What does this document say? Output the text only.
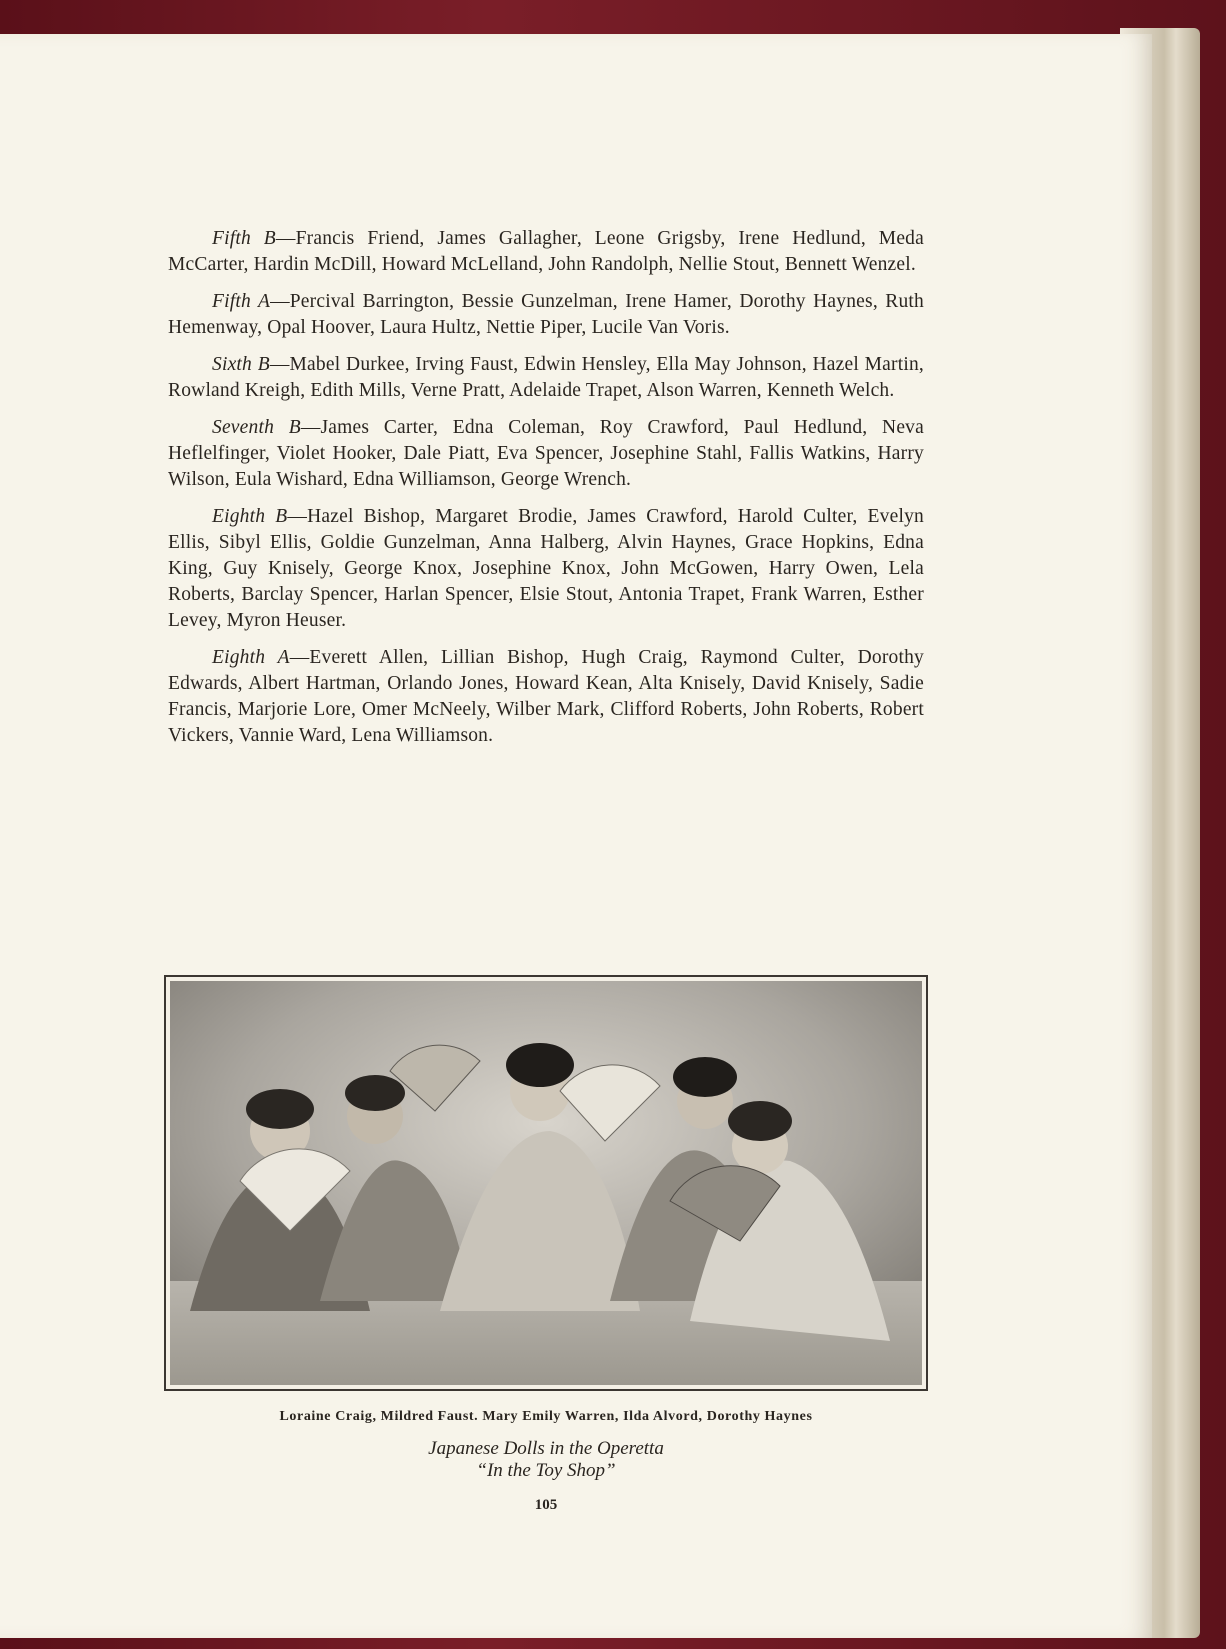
Fifth B—Francis Friend, James Gallagher, Leone Grigsby, Irene Hedlund, Meda McCarter, Hardin McDill, Howard McLelland, John Randolph, Nellie Stout, Bennett Wenzel.

Fifth A—Percival Barrington, Bessie Gunzelman, Irene Hamer, Dorothy Haynes, Ruth Hemenway, Opal Hoover, Laura Hultz, Nettie Piper, Lucile Van Voris.

Sixth B—Mabel Durkee, Irving Faust, Edwin Hensley, Ella May Johnson, Hazel Martin, Rowland Kreigh, Edith Mills, Verne Pratt, Adelaide Trapet, Alson Warren, Kenneth Welch.

Seventh B—James Carter, Edna Coleman, Roy Crawford, Paul Hedlund, Neva Heflelfinger, Violet Hooker, Dale Piatt, Eva Spencer, Josephine Stahl, Fallis Watkins, Harry Wilson, Eula Wishard, Edna Williamson, George Wrench.

Eighth B—Hazel Bishop, Margaret Brodie, James Crawford, Harold Culter, Evelyn Ellis, Sibyl Ellis, Goldie Gunzelman, Anna Halberg, Alvin Haynes, Grace Hopkins, Edna King, Guy Knisely, George Knox, Josephine Knox, John McGowen, Harry Owen, Lela Roberts, Barclay Spencer, Harlan Spencer, Elsie Stout, Antonia Trapet, Frank Warren, Esther Levey, Myron Heuser.

Eighth A—Everett Allen, Lillian Bishop, Hugh Craig, Raymond Culter, Dorothy Edwards, Albert Hartman, Orlando Jones, Howard Kean, Alta Knisely, David Knisely, Sadie Francis, Marjorie Lore, Omer McNeely, Wilber Mark, Clifford Roberts, John Roberts, Robert Vickers, Vannie Ward, Lena Williamson.

Loraine Craig, Mildred Faust. Mary Emily Warren, Ilda Alvord, Dorothy Haynes
Japanese Dolls in the Operetta
“In the Toy Shop”
105
